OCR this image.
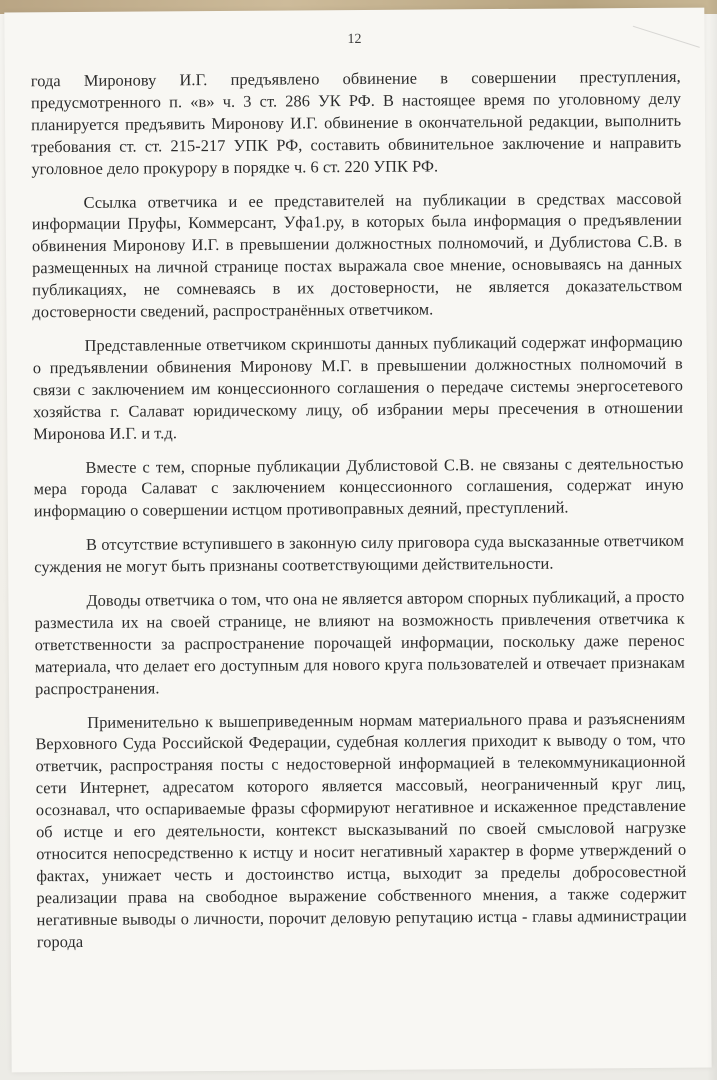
12

года Миронову И.Г. предъявлено обвинение в совершении преступления, предусмотренного п. «в» ч. 3 ст. 286 УК РФ. В настоящее время по уголовному делу планируется предъявить Миронову И.Г. обвинение в окончательной редакции, выполнить требования ст. ст. 215-217 УПК РФ, составить обвинительное заключение и направить уголовное дело прокурору в порядке ч. 6 ст. 220 УПК РФ.

Ссылка ответчика и ее представителей на публикации в средствах массовой информации Пруфы, Коммерсант, Уфа1.ру, в которых была информация о предъявлении обвинения Миронову И.Г. в превышении должностных полномочий, и Дублистова С.В. в размещенных на личной странице постах выражала свое мнение, основываясь на данных публикациях, не сомневаясь в их достоверности, не является доказательством достоверности сведений, распространённых ответчиком.

Представленные ответчиком скриншоты данных публикаций содержат информацию о предъявлении обвинения Миронову М.Г. в превышении должностных полномочий в связи с заключением им концессионного соглашения о передаче системы энергосетевого хозяйства г. Салават юридическому лицу, об избрании меры пресечения в отношении Миронова И.Г. и т.д.

Вместе с тем, спорные публикации Дублистовой С.В. не связаны с деятельностью мера города Салават с заключением концессионного соглашения, содержат иную информацию о совершении истцом противоправных деяний, преступлений.

В отсутствие вступившего в законную силу приговора суда высказанные ответчиком суждения не могут быть признаны соответствующими действительности.

Доводы ответчика о том, что она не является автором спорных публикаций, а просто разместила их на своей странице, не влияют на возможность привлечения ответчика к ответственности за распространение порочащей информации, поскольку даже перенос материала, что делает его доступным для нового круга пользователей и отвечает признакам распространения.

Применительно к вышеприведенным нормам материального права и разъяснениям Верховного Суда Российской Федерации, судебная коллегия приходит к выводу о том, что ответчик, распространяя посты с недостоверной информацией в телекоммуникационной сети Интернет, адресатом которого является массовый, неограниченный круг лиц, осознавал, что оспариваемые фразы сформируют негативное и искаженное представление об истце и его деятельности, контекст высказываний по своей смысловой нагрузке относится непосредственно к истцу и носит негативный характер в форме утверждений о фактах, унижает честь и достоинство истца, выходит за пределы добросовестной реализации права на свободное выражение собственного мнения, а также содержит негативные выводы о личности, порочит деловую репутацию истца - главы администрации города
